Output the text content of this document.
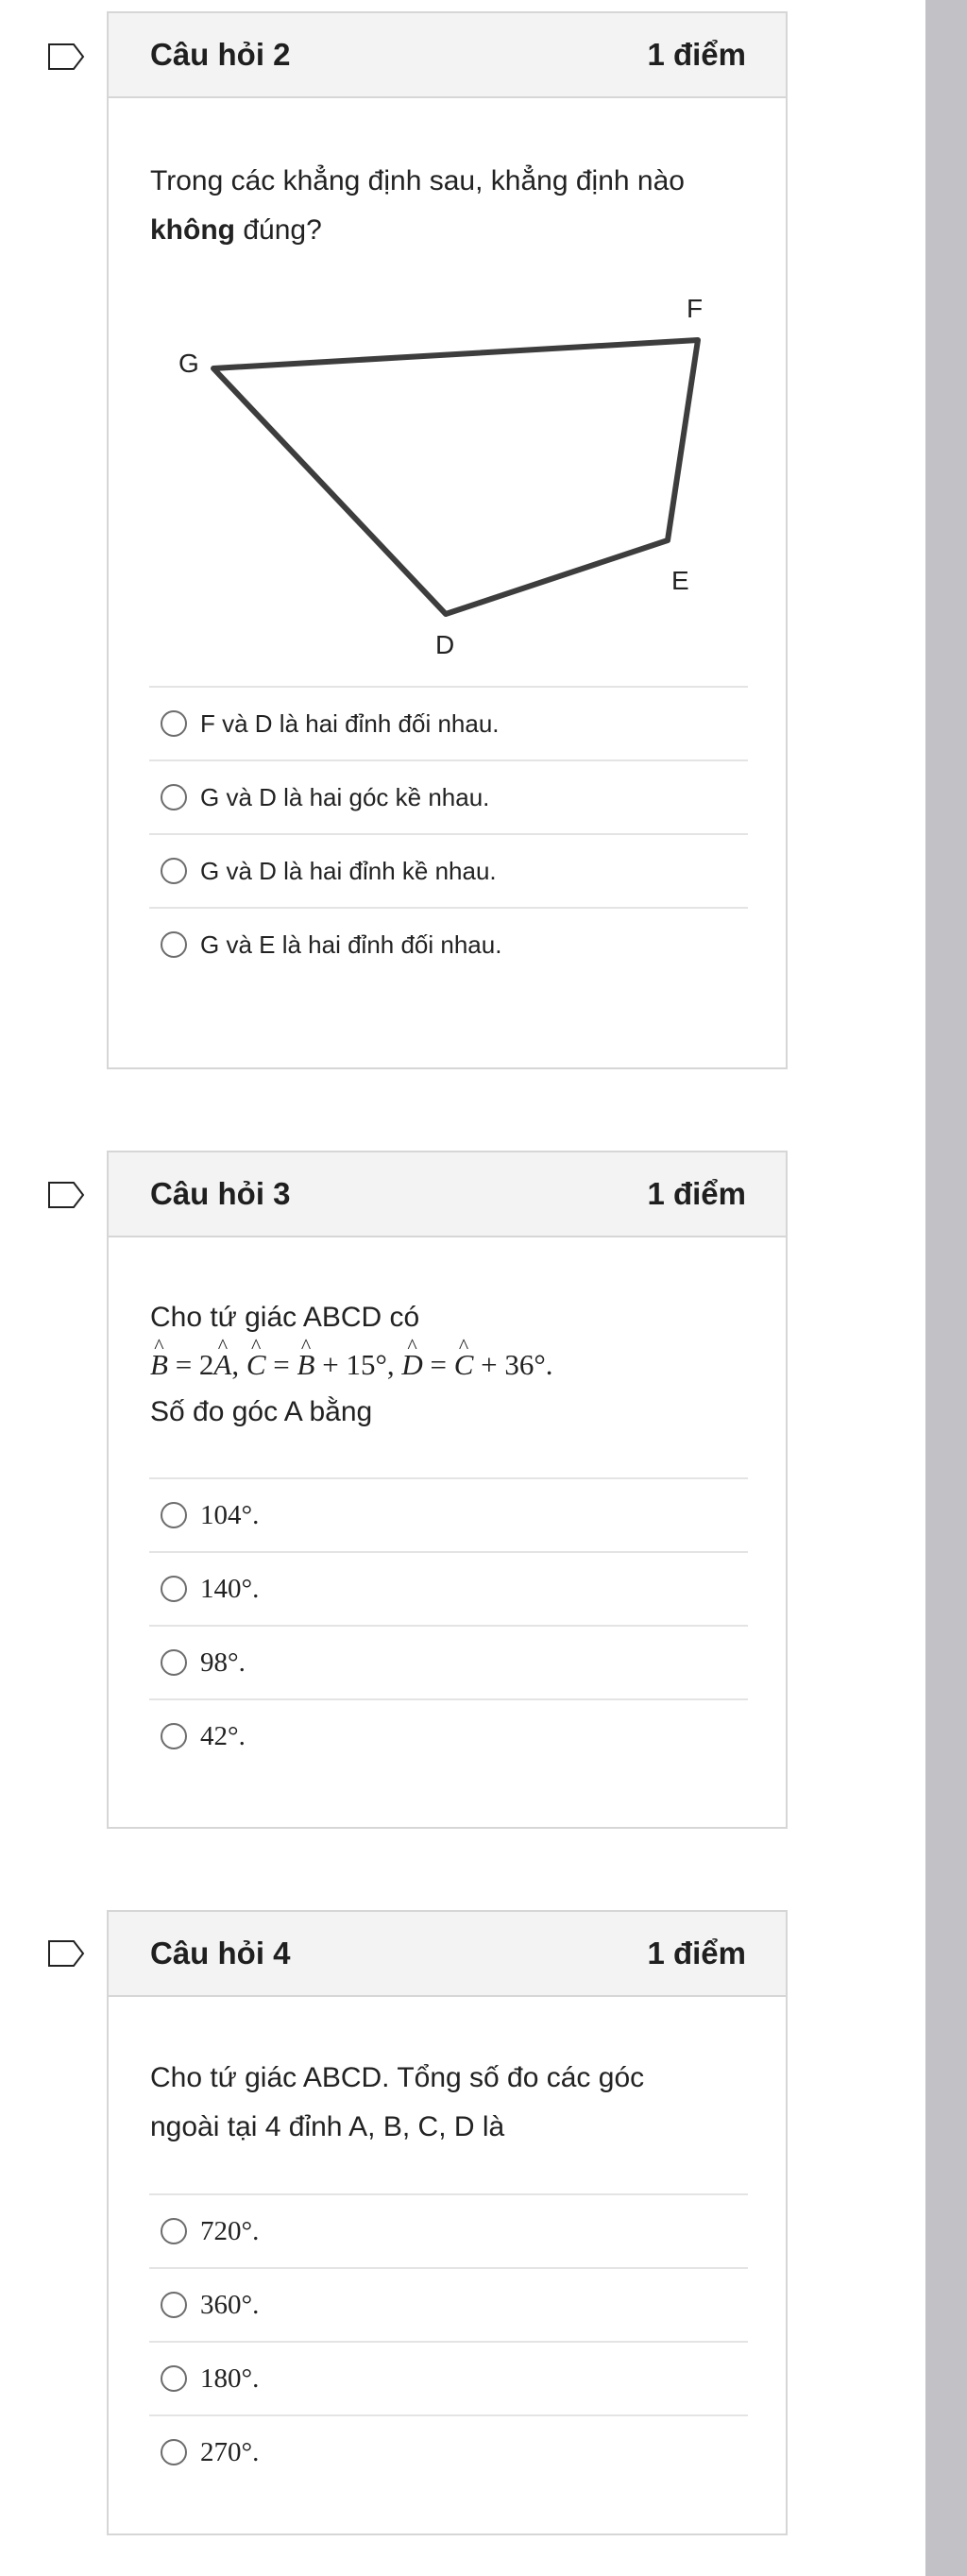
Câu hỏi 2	1 điểm
Trong các khẳng định sau, khẳng định nào
không đúng?
F
G
E
D
F và D là hai đỉnh đối nhau.
G và D là hai góc kề nhau.
G và D là hai đỉnh kề nhau.
G và E là hai đỉnh đối nhau.
Câu hỏi 3	1 điểm
Cho tứ giác ABCD có
^ B = 2^ A, ^ C = ^ B + 15°, ^ D = ^ C + 36°.
Số đo góc A bằng
104°.
140°.
98°.
42°.
Câu hỏi 4	1 điểm
Cho tứ giác ABCD. Tổng số đo các góc
ngoài tại 4 đỉnh A, B, C, D là
720°.
360°.
180°.
270°.
